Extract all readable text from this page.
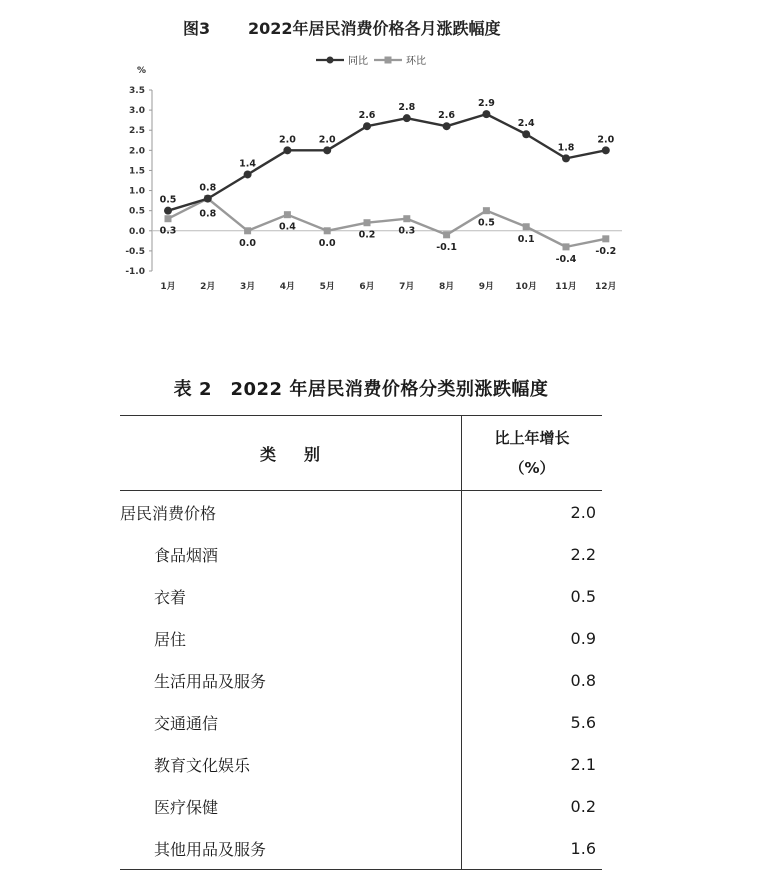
图3 2022年居民消费价格各月涨跌幅度
同比	环比
%
3.5
3.0
2.5
2.0
1.5
1.0
0.5
0.0
-0.5
-1.0
1月	2月	3月	4月	5月	6月	7月	8月	9月 10月 11月 12月
0.5
0.8
1.4
2.0 2.0
2.6
2.8
2.6
2.9
2.4
1.8
2.0
0.3
0.8
0.0
0.4
0.0
0.2 0.3
-0.1
0.5
0.1
-0.4
-0.2
表 2　2022 年居民消费价格分类别涨跌幅度
类别	比上年增长
（%）

居民消费价格	2.0
食品烟酒	2.2
衣着	0.5
居住	0.9
生活用品及服务	0.8
交通通信	5.6
教育文化娱乐	2.1
医疗保健	0.2
其他用品及服务	1.6
